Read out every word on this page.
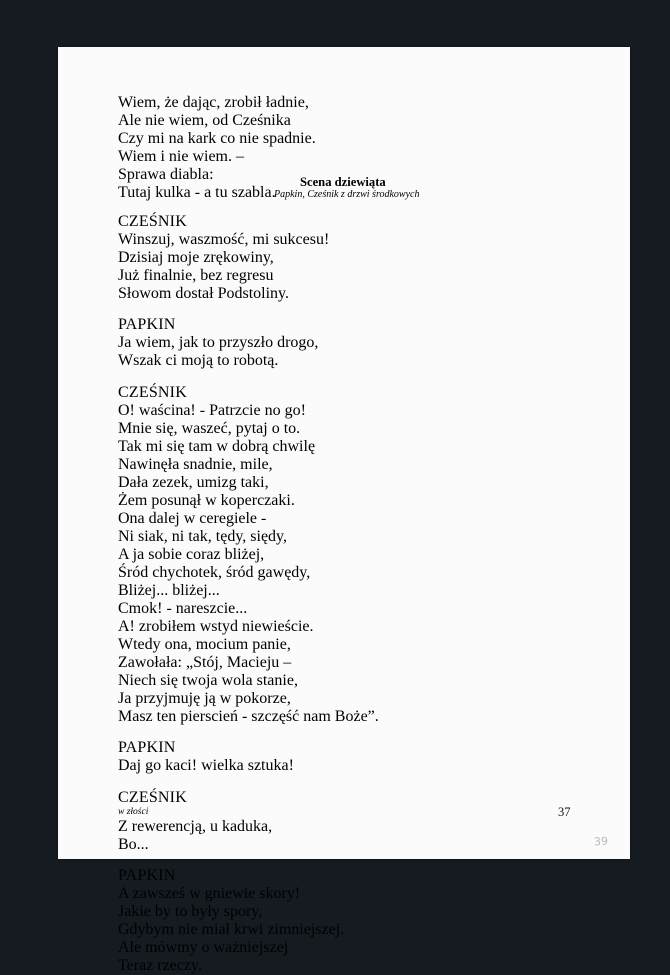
Wiem, że dając, zrobił ładnie,
Ale nie wiem, od Cześnika
Czy mi na kark co nie spadnie.
Wiem i nie wiem. –
Sprawa diabla:
Tutaj kulka - a tu szabla.
Scena dziewiąta
Papkin, Cześnik z drzwi środkowych
CZEŚNIK
Winszuj, waszmość, mi sukcesu!
Dzisiaj moje zrękowiny,
Już finalnie, bez regresu
Słowom dostał Podstoliny.
PAPKIN
Ja wiem, jak to przyszło drogo,
Wszak ci moją to robotą.
CZEŚNIK
O! waścina! - Patrzcie no go!
Mnie się, waszeć, pytaj o to.
Tak mi się tam w dobrą chwilę
Nawinęła snadnie, mile,
Dała zezek, umizg taki,
Żem posunął w koperczaki.
Ona dalej w ceregiele -
Ni siak, ni tak, tędy, siędy,
A ja sobie coraz bliżej,
Śród chychotek, śród gawędy,
Bliżej... bliżej...
Cmok! - nareszcie...
A! zrobiłem wstyd niewieście.
Wtedy ona, mocium panie,
Zawołała: „Stój, Macieju –
Niech się twoja wola stanie,
Ja przyjmuję ją w pokorze,
Masz ten pierscień - szczęść nam Boże”.
PAPKIN
Daj go kaci! wielka sztuka!
CZEŚNIK
w złości
Z rewerencją, u kaduka,
Bo...
PAPKIN
A zawsześ w gniewie skory!
Jakie by to były spory,
Gdybym nie miał krwi zimniejszej.
Ale mówmy o ważniejszej
Teraz rzeczy.
37
39
